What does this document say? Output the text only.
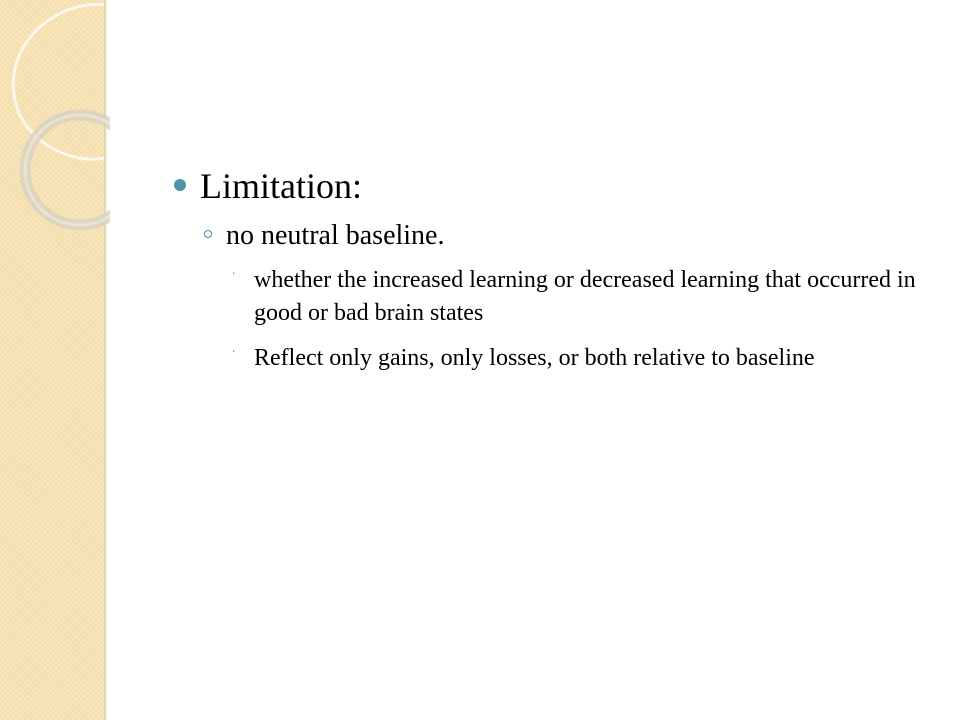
Limitation:
no neutral baseline.
∙ whether the increased learning or decreased learning that occurred in good or bad brain states
∙ Reflect only gains, only losses, or both relative to baseline
